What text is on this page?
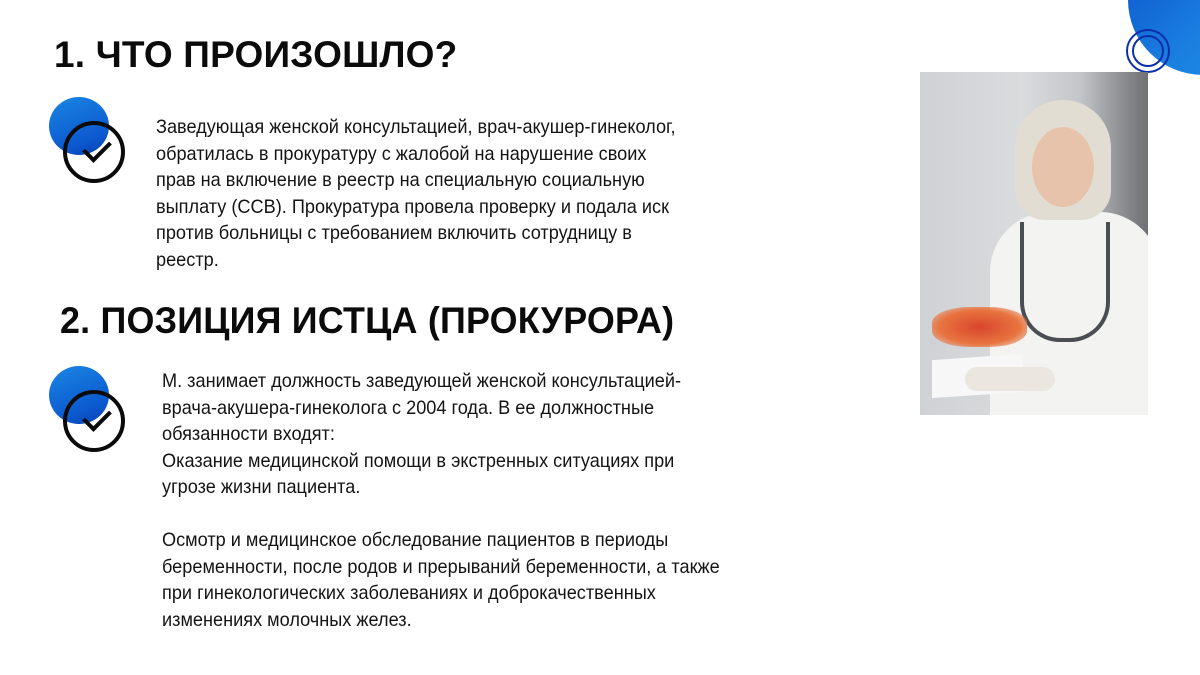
1. ЧТО ПРОИЗОШЛО?
Заведующая женской консультацией, врач-акушер-гинеколог,
обратилась в прокуратуру с жалобой на нарушение своих
прав на включение в реестр на специальную социальную
выплату (ССВ). Прокуратура провела проверку и подала иск
против больницы с требованием включить сотрудницу в
реестр.
2. ПОЗИЦИЯ ИСТЦА (ПРОКУРОРА)
М. занимает должность заведующей женской консультацией-
врача-акушера-гинеколога с 2004 года. В ее должностные
обязанности входят:
Оказание медицинской помощи в экстренных ситуациях при
угрозе жизни пациента.
Осмотр и медицинское обследование пациентов в периоды
беременности, после родов и прерываний беременности, а также
при гинекологических заболеваниях и доброкачественных
изменениях молочных желез.
